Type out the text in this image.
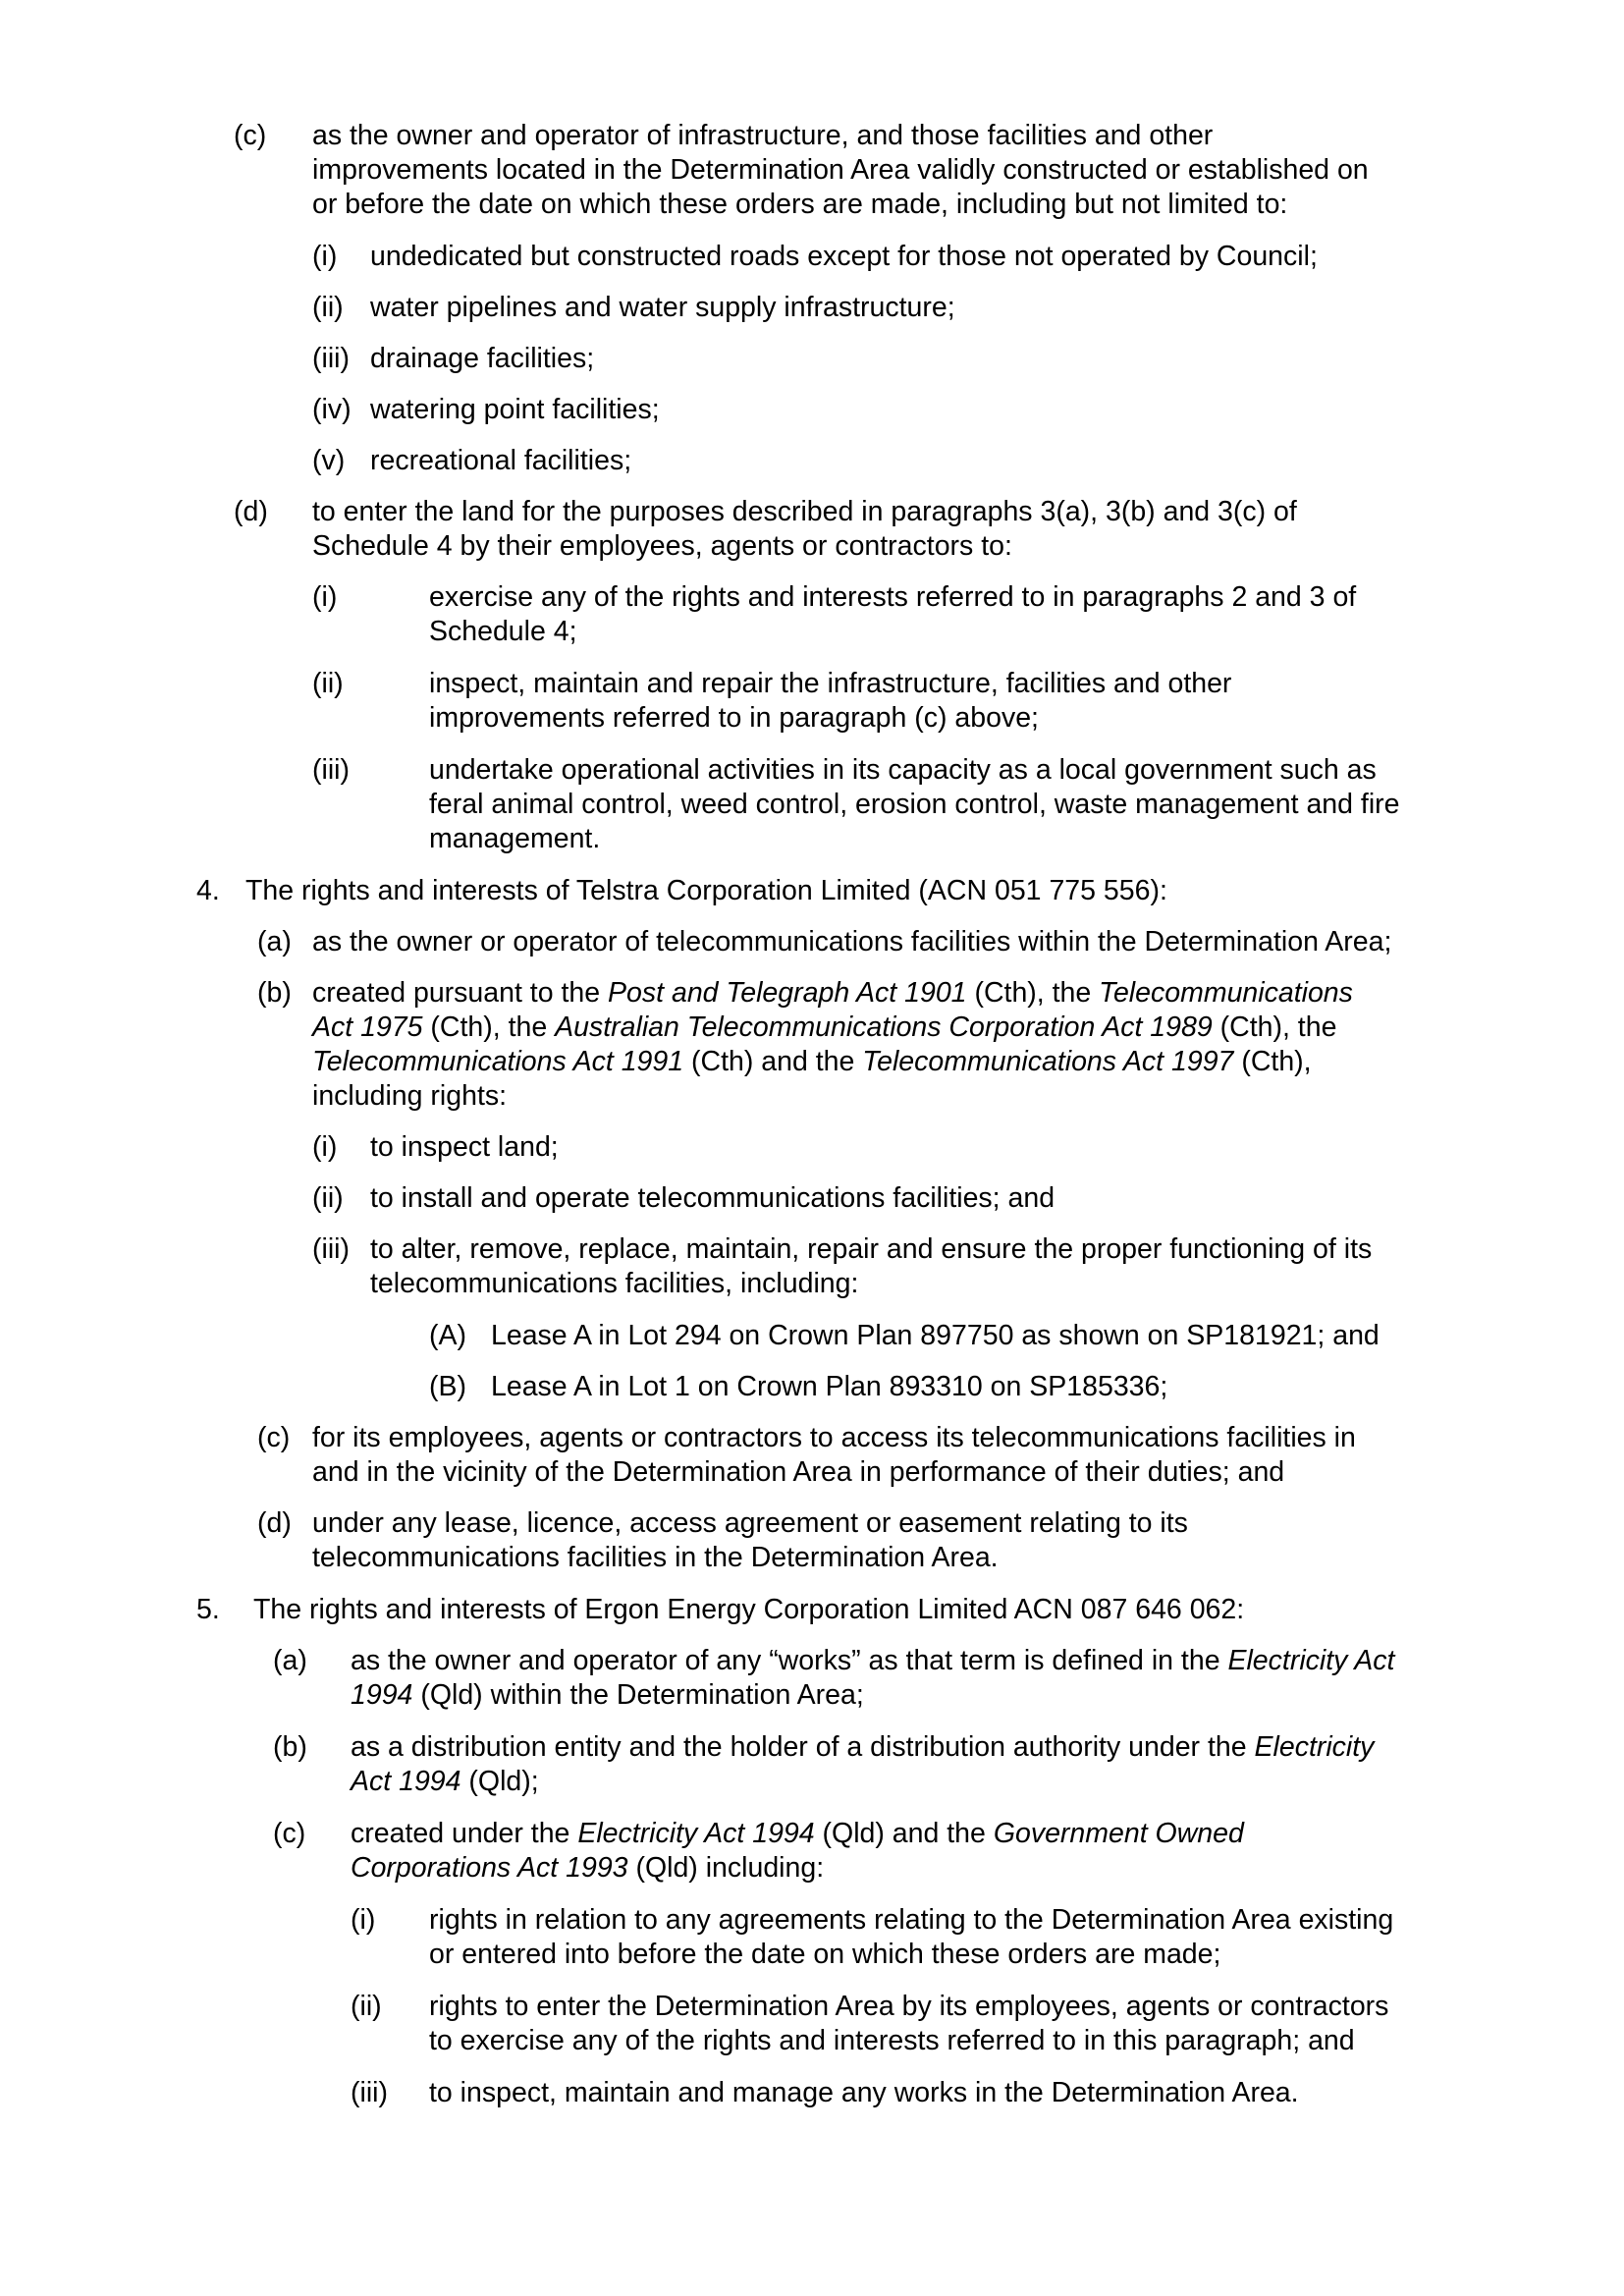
(c) as the owner and operator of infrastructure, and those facilities and other
improvements located in the Determination Area validly constructed or established on
or before the date on which these orders are made, including but not limited to:
(i) undedicated but constructed roads except for those not operated by Council;
(ii) water pipelines and water supply infrastructure;
(iii) drainage facilities;
(iv) watering point facilities;
(v) recreational facilities;
(d) to enter the land for the purposes described in paragraphs 3(a), 3(b) and 3(c) of
Schedule 4 by their employees, agents or contractors to:
(i)	exercise any of the rights and interests referred to in paragraphs 2 and 3 of
Schedule 4;
(ii)	inspect, maintain and repair the infrastructure, facilities and other
improvements referred to in paragraph (c) above;
(iii)	undertake operational activities in its capacity as a local government such as
feral animal control, weed control, erosion control, waste management and fire
management.
4. The rights and interests of Telstra Corporation Limited (ACN 051 775 556):
(a) as the owner or operator of telecommunications facilities within the Determination Area;
(b) created pursuant to the Post and Telegraph Act 1901 (Cth), the Telecommunications
Act 1975 (Cth), the Australian Telecommunications Corporation Act 1989 (Cth), the
Telecommunications Act 1991 (Cth) and the Telecommunications Act 1997 (Cth),
including rights:
(i) to inspect land;
(ii) to install and operate telecommunications facilities; and
(iii) to alter, remove, replace, maintain, repair and ensure the proper functioning of its
telecommunications facilities, including:
(A) Lease A in Lot 294 on Crown Plan 897750 as shown on SP181921; and
(B) Lease A in Lot 1 on Crown Plan 893310 on SP185336;
(c) for its employees, agents or contractors to access its telecommunications facilities in
and in the vicinity of the Determination Area in performance of their duties; and
(d) under any lease, licence, access agreement or easement relating to its
telecommunications facilities in the Determination Area.
5. The rights and interests of Ergon Energy Corporation Limited ACN 087 646 062:
(a) as the owner and operator of any “works” as that term is defined in the Electricity Act
1994 (Qld) within the Determination Area;
(b) as a distribution entity and the holder of a distribution authority under the Electricity
Act 1994 (Qld);
(c) created under the Electricity Act 1994 (Qld) and the Government Owned
Corporations Act 1993 (Qld) including:
(i) rights in relation to any agreements relating to the Determination Area existing
or entered into before the date on which these orders are made;
(ii) rights to enter the Determination Area by its employees, agents or contractors
to exercise any of the rights and interests referred to in this paragraph; and
(iii) to inspect, maintain and manage any works in the Determination Area.
